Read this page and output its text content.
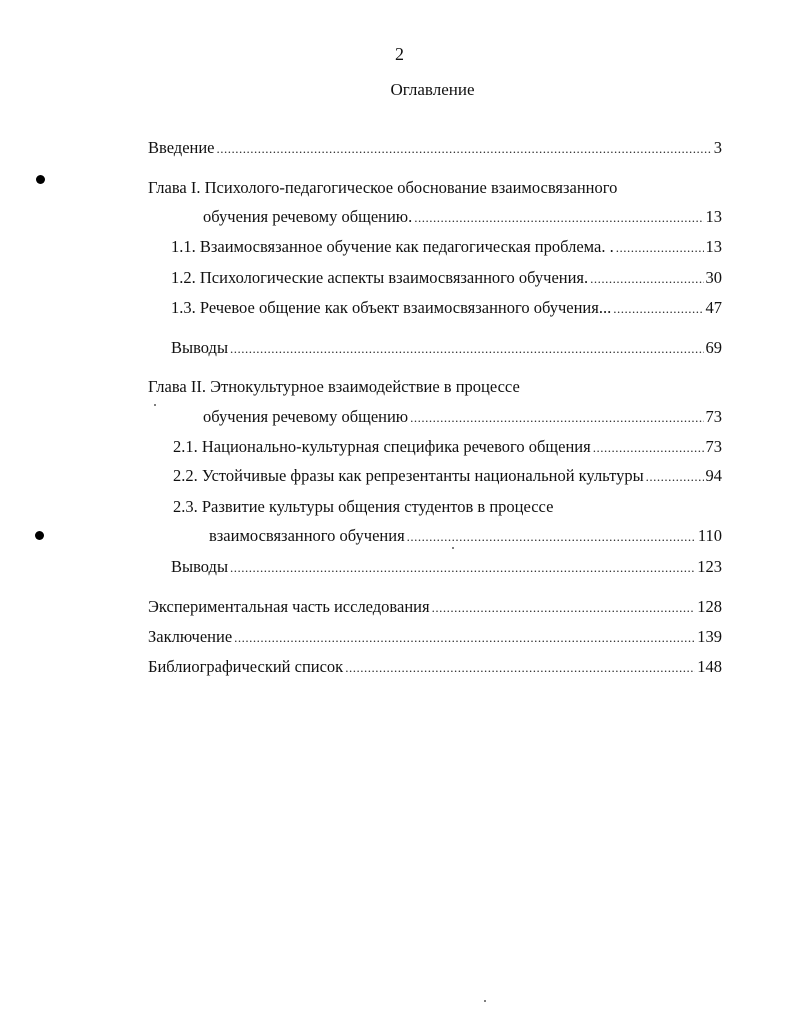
2
Оглавление
Введение .....	3
Глава I. Психолого-педагогическое обоснование взаимосвязанного
обучения речевому общению. .....	13
1.1. Взаимосвязанное обучение как педагогическая проблема. . .....	13
1.2. Психологические аспекты взаимосвязанного обучения. .....	30
1.3. Речевое общение как объект взаимосвязанного обучения... .....	47
Выводы .....	69
Глава II. Этнокультурное взаимодействие в процессе
обучения речевому общению .....	73
2.1. Национально-культурная специфика речевого общения .....	73
2.2. Устойчивые фразы как репрезентанты национальной культуры .....	94
2.3. Развитие культуры общения студентов в процессе
взаимосвязанного обучения .....	110
Выводы .....	123
Экспериментальная часть исследования .....	128
Заключение .....	139
Библиографический список .....	148
